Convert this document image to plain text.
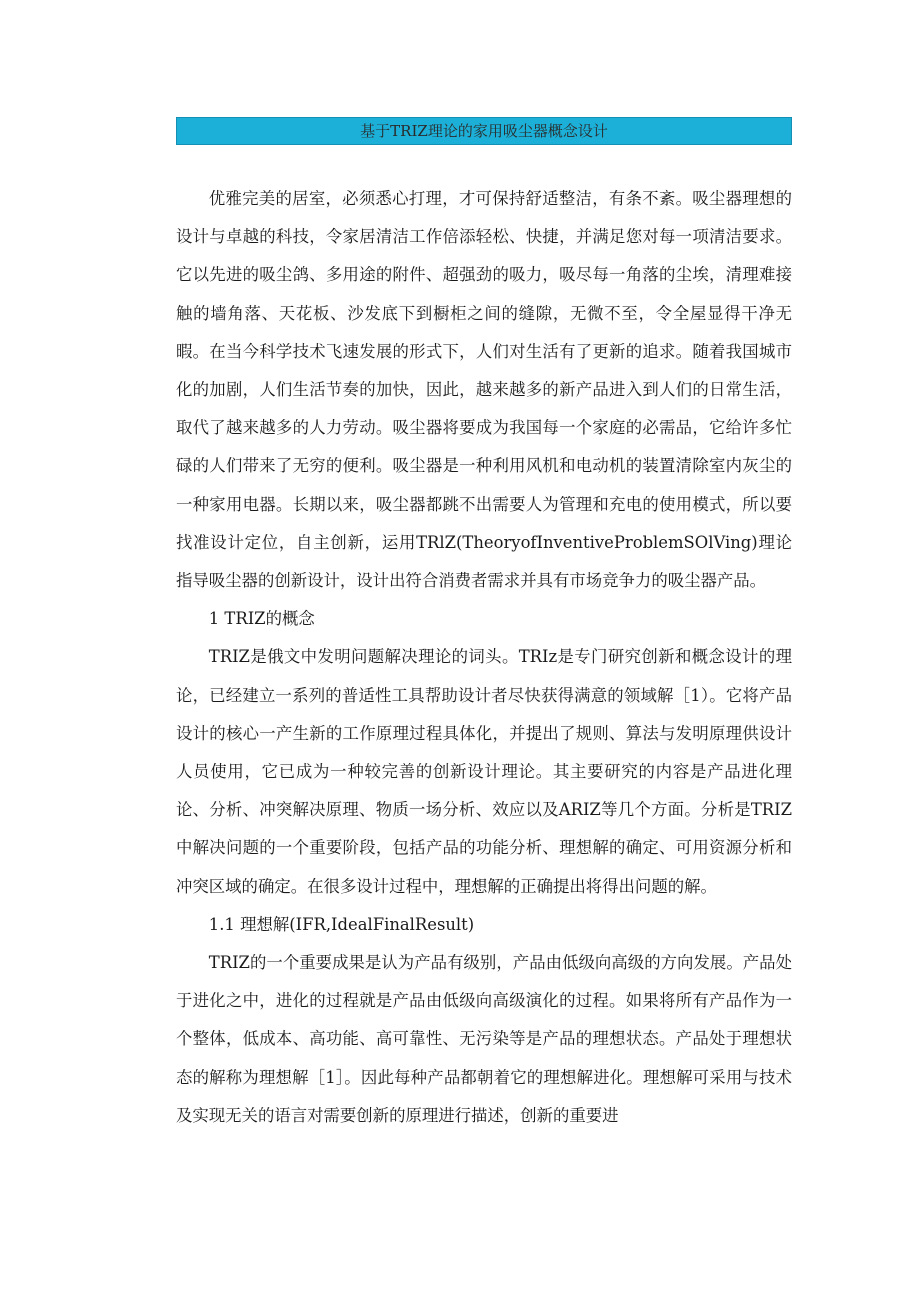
基于TRIZ理论的家用吸尘器概念设计

优雅完美的居室，必须悉心打理，才可保持舒适整洁，有条不紊。吸尘器理想的设计与卓越的科技，令家居清洁工作倍添轻松、快捷，并满足您对每一项清洁要求。它以先进的吸尘鸽、多用途的附件、超强劲的吸力，吸尽每一角落的尘埃，清理难接触的墙角落、天花板、沙发底下到橱柜之间的缝隙，无微不至，令全屋显得干净无暇。在当今科学技术飞速发展的形式下，人们对生活有了更新的追求。随着我国城市化的加剧，人们生活节奏的加快，因此，越来越多的新产品进入到人们的日常生活，取代了越来越多的人力劳动。吸尘器将要成为我国每一个家庭的必需品，它给许多忙碌的人们带来了无穷的便利。吸尘器是一种利用风机和电动机的装置清除室内灰尘的一种家用电器。长期以来，吸尘器都跳不出需要人为管理和充电的使用模式，所以要找准设计定位，自主创新，运用TRlZ(TheoryofInventiveProblemSOlVing)理论指导吸尘器的创新设计，设计出符合消费者需求并具有市场竞争力的吸尘器产品。

1 TRIZ的概念

TRIZ是俄文中发明问题解决理论的词头。TRIz是专门研究创新和概念设计的理论，已经建立一系列的普适性工具帮助设计者尽快获得满意的领域解［1）。它将产品设计的核心一产生新的工作原理过程具体化，并提出了规则、算法与发明原理供设计人员使用，它已成为一种较完善的创新设计理论。其主要研究的内容是产品进化理论、分析、冲突解决原理、物质一场分析、效应以及ARIZ等几个方面。分析是TRIZ中解决问题的一个重要阶段，包括产品的功能分析、理想解的确定、可用资源分析和冲突区域的确定。在很多设计过程中，理想解的正确提出将得出问题的解。

1.1 理想解(IFR,IdealFinalResult)

TRIZ的一个重要成果是认为产品有级别，产品由低级向高级的方向发展。产品处于进化之中，进化的过程就是产品由低级向高级演化的过程。如果将所有产品作为一个整体，低成本、高功能、高可靠性、无污染等是产品的理想状态。产品处于理想状态的解称为理想解［1］。因此每种产品都朝着它的理想解进化。理想解可采用与技术及实现无关的语言对需要创新的原理进行描述，创新的重要进
